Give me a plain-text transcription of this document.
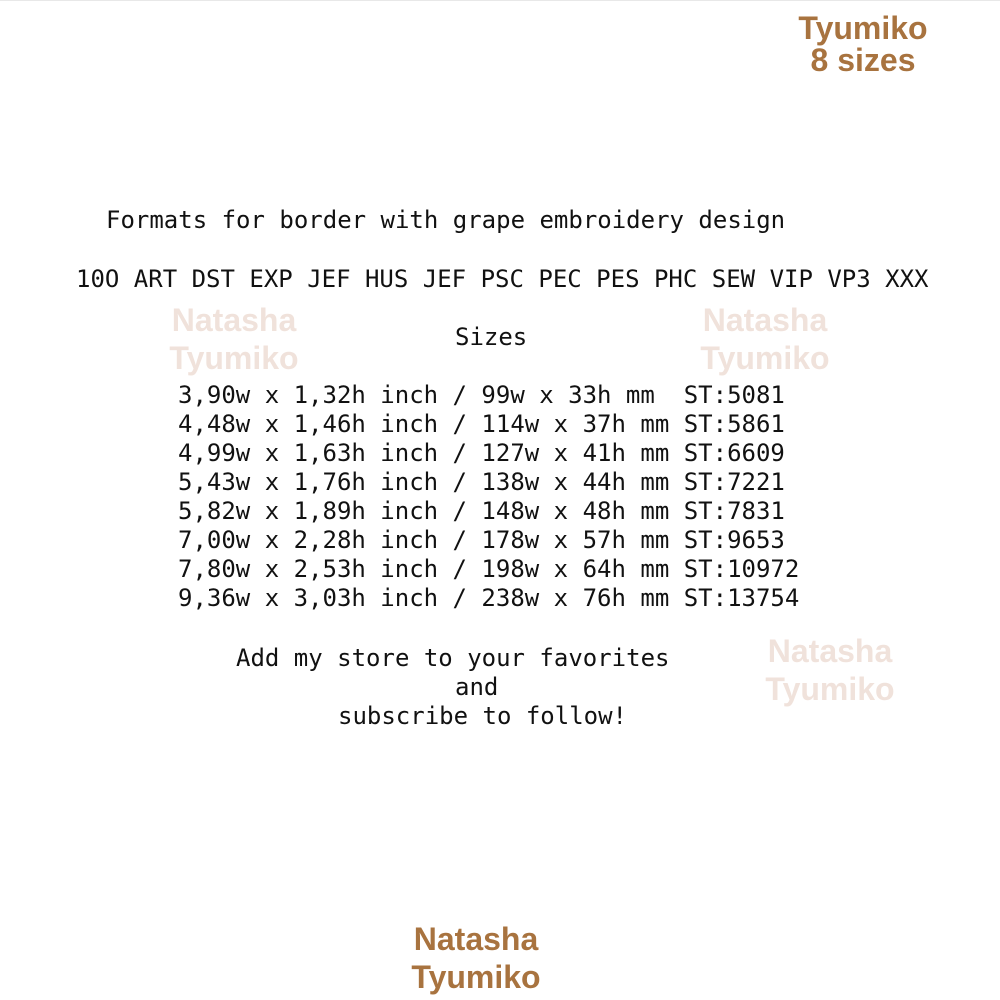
Tyumiko
8 sizes
Natasha
Tyumiko
Natasha
Tyumiko
Natasha
Tyumiko
Formats for border with grape embroidery design
10O ART DST EXP JEF HUS JEF PSC PEC PES PHC SEW VIP VP3 XXX
Sizes
3,90w x 1,32h inch / 99w x 33h mm  ST:5081
4,48w x 1,46h inch / 114w x 37h mm ST:5861
4,99w x 1,63h inch / 127w x 41h mm ST:6609
5,43w x 1,76h inch / 138w x 44h mm ST:7221
5,82w x 1,89h inch / 148w x 48h mm ST:7831
7,00w x 2,28h inch / 178w x 57h mm ST:9653
7,80w x 2,53h inch / 198w x 64h mm ST:10972
9,36w x 3,03h inch / 238w x 76h mm ST:13754
Add my store to your favorites
and
subscribe to follow!
Natasha
Tyumiko
